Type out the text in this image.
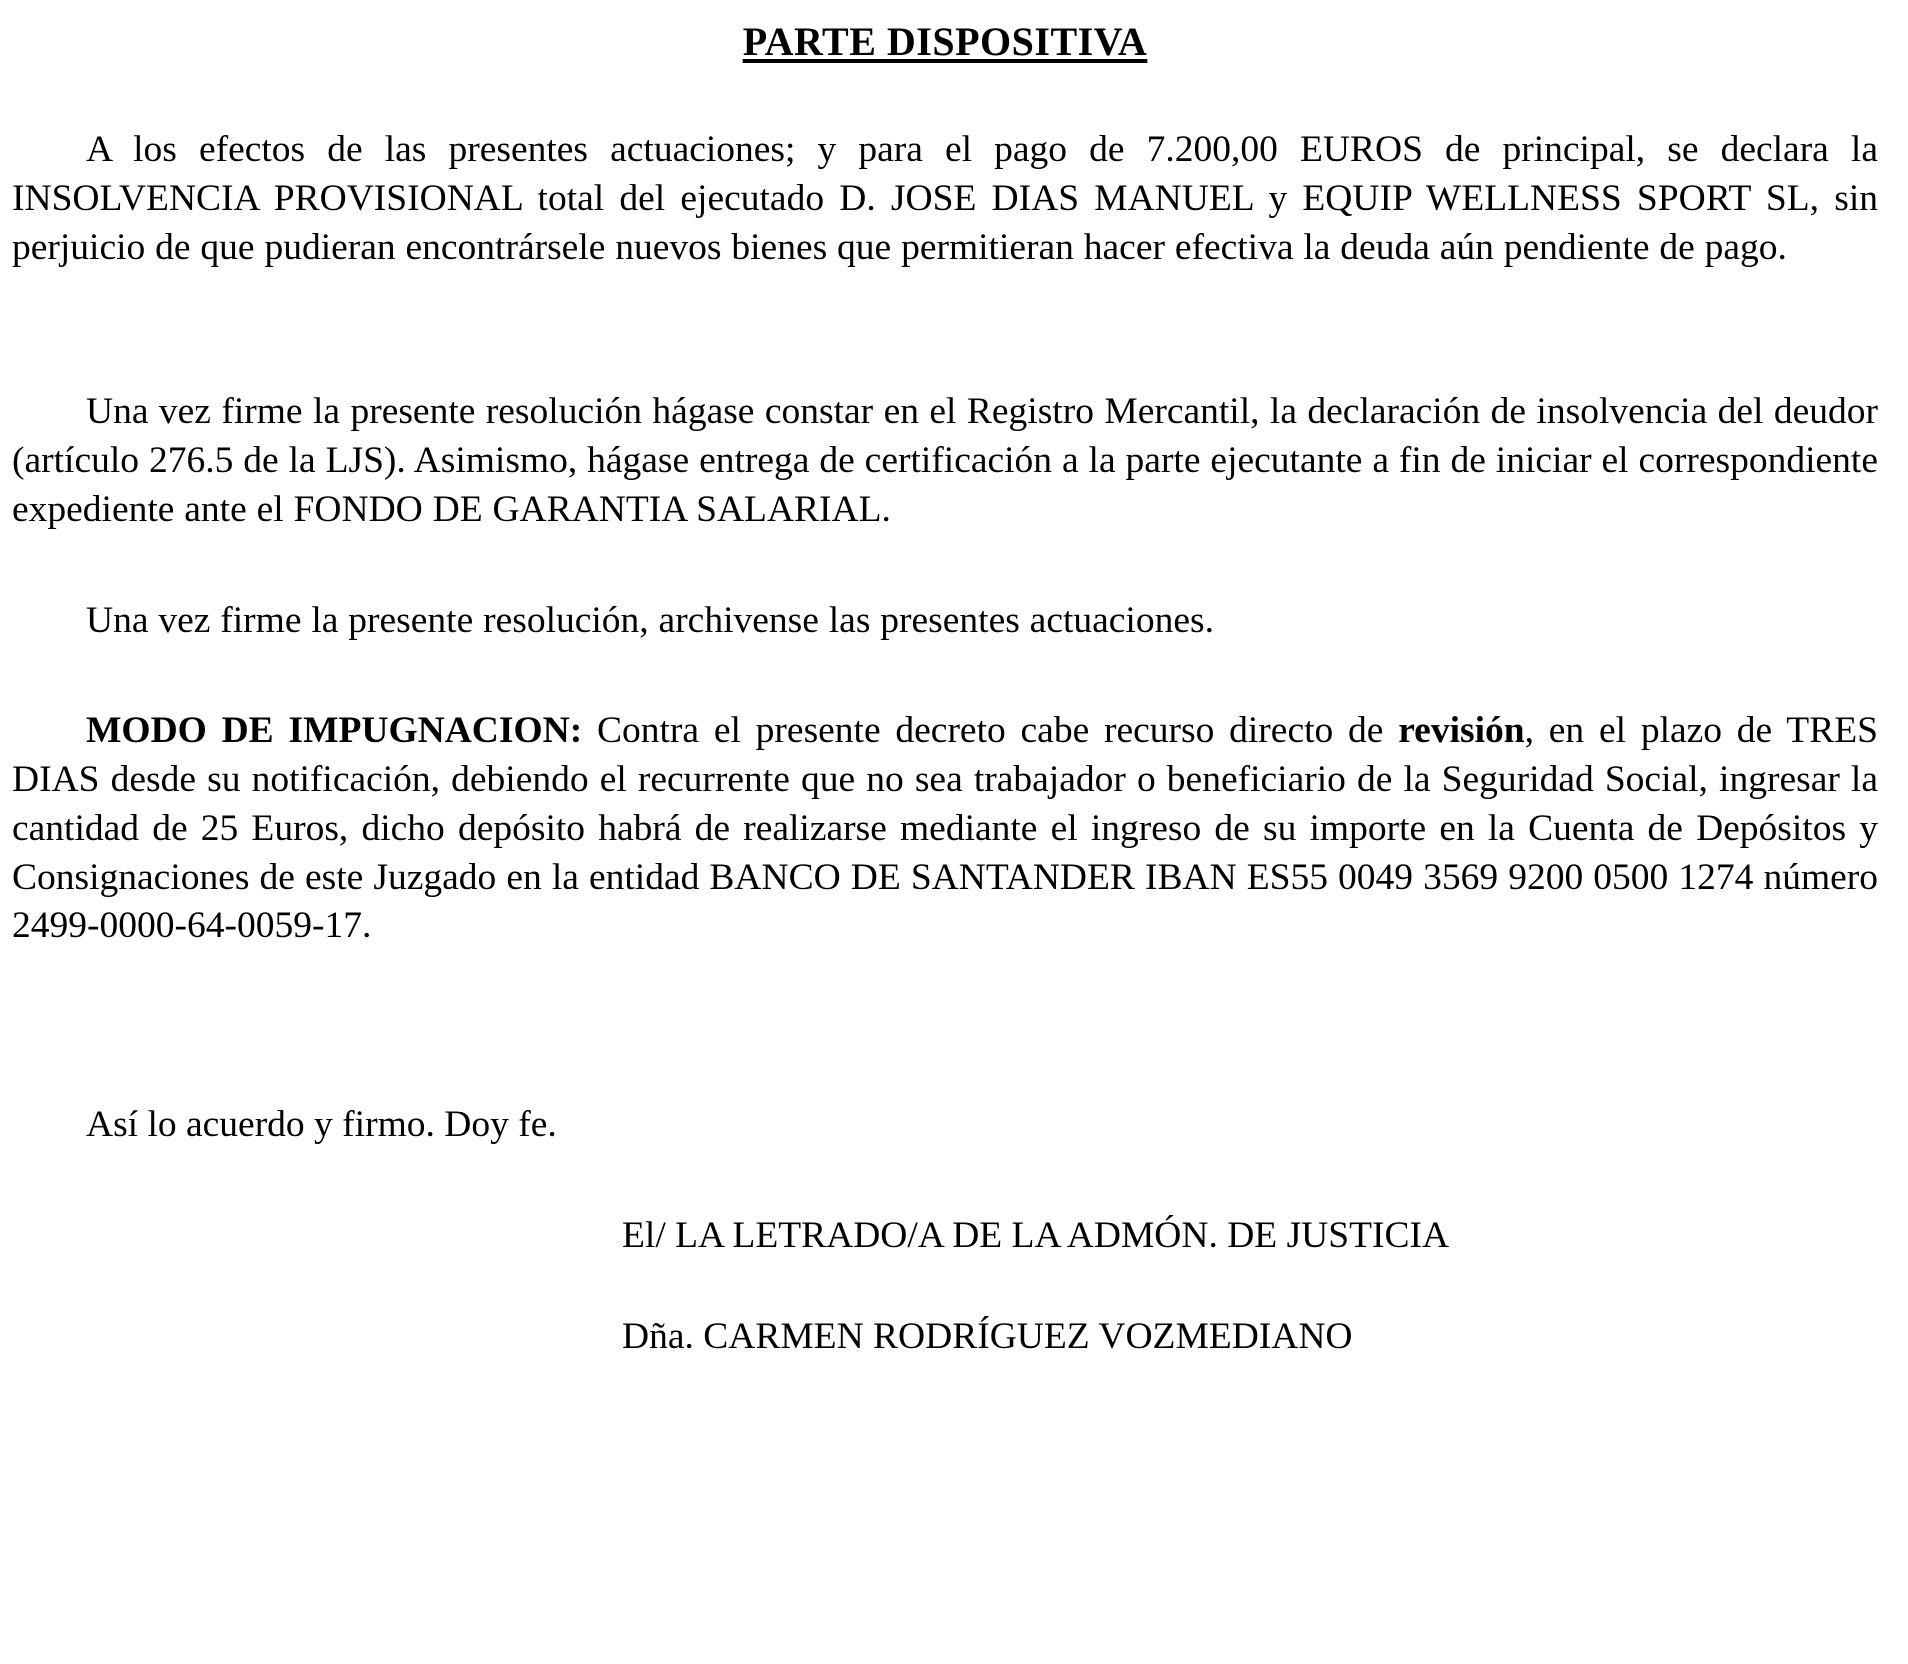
PARTE DISPOSITIVA

A los efectos de las presentes actuaciones; y para el pago de 7.200,00 EUROS de principal, se declara la INSOLVENCIA PROVISIONAL total del ejecutado D. JOSE DIAS MANUEL y EQUIP WELLNESS SPORT SL, sin perjuicio de que pudieran encontrársele nuevos bienes que permitieran hacer efectiva la deuda aún pendiente de pago.

Una vez firme la presente resolución hágase constar en el Registro Mercantil, la declaración de insolvencia del deudor (artículo 276.5 de la LJS). Asimismo, hágase entrega de certificación a la parte ejecutante a fin de iniciar el correspondiente expediente ante el FONDO DE GARANTIA SALARIAL.

Una vez firme la presente resolución, archivense las presentes actuaciones.

MODO DE IMPUGNACION: Contra el presente decreto cabe recurso directo de revisión, en el plazo de TRES DIAS desde su notificación, debiendo el recurrente que no sea trabajador o beneficiario de la Seguridad Social, ingresar la cantidad de 25 Euros, dicho depósito habrá de realizarse mediante el ingreso de su importe en la Cuenta de Depósitos y Consignaciones de este Juzgado en la entidad BANCO DE SANTANDER IBAN ES55 0049 3569 9200 0500 1274 número 2499-0000-64-0059-17.

Así lo acuerdo y firmo. Doy fe.

El/ LA LETRADO/A DE LA ADMÓN. DE JUSTICIA

Dña. CARMEN RODRÍGUEZ VOZMEDIANO
